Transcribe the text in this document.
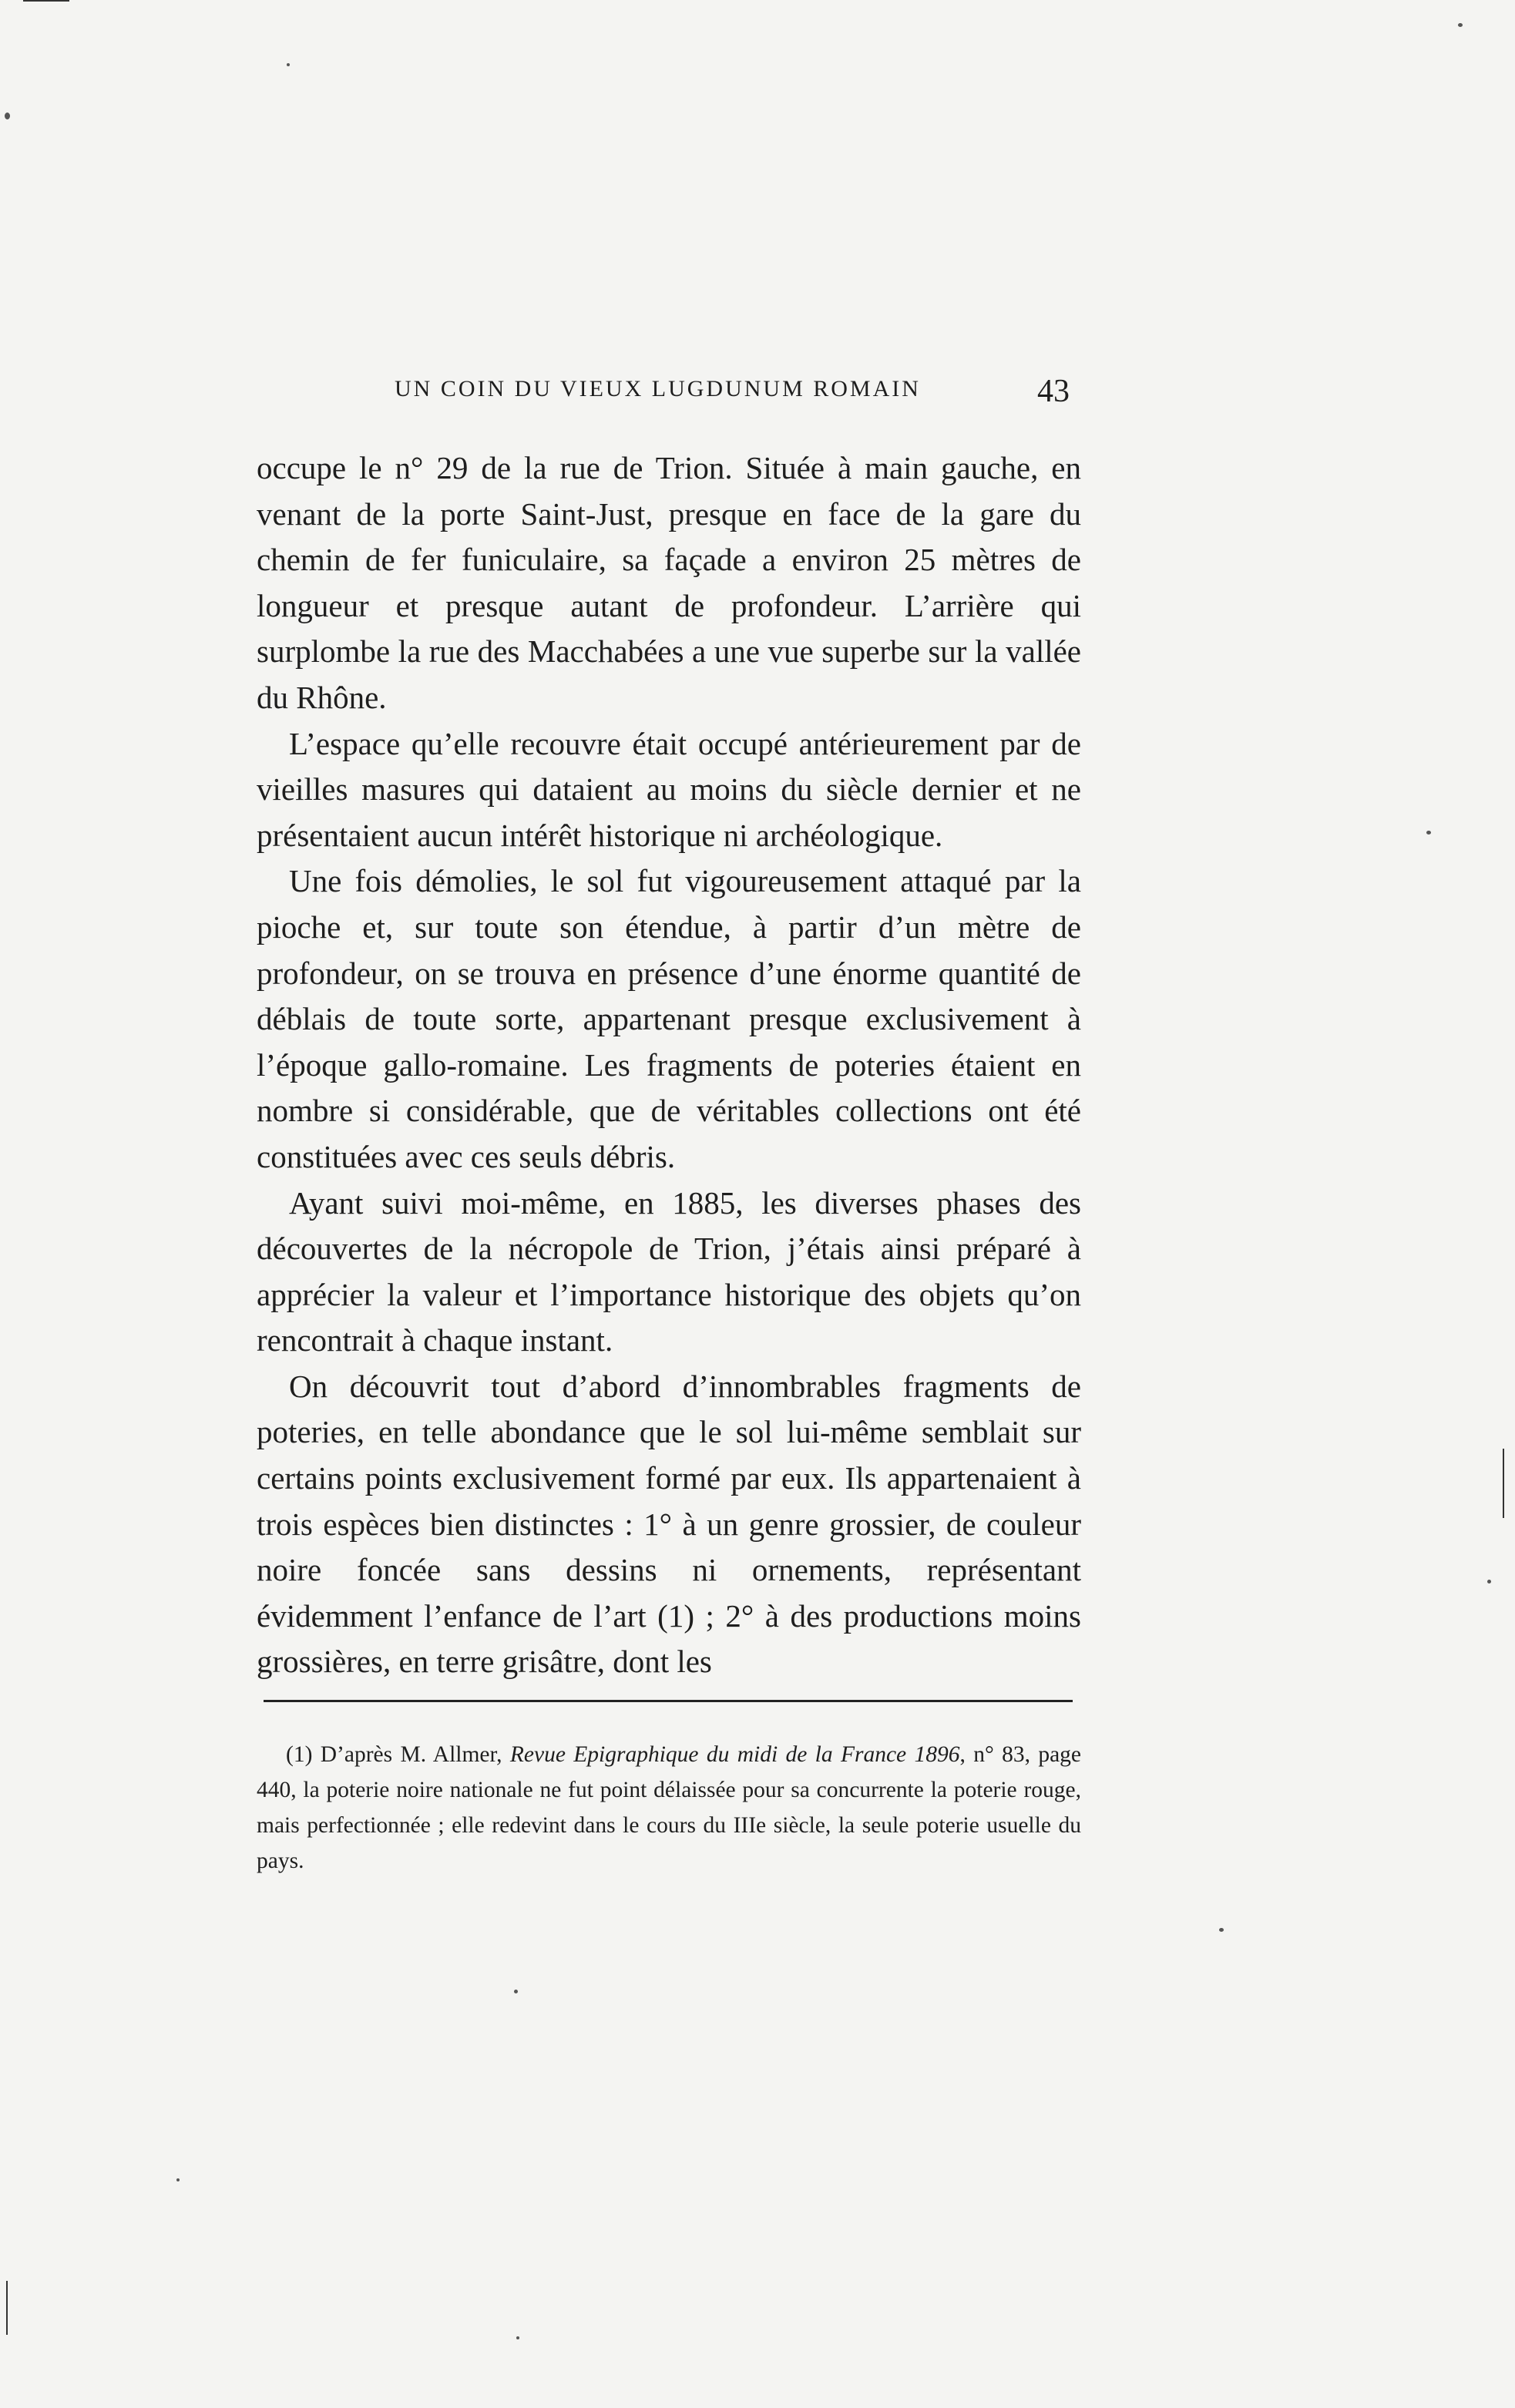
UN COIN DU VIEUX LUGDUNUM ROMAIN	43

occupe le n° 29 de la rue de Trion. Située à main gauche, en venant de la porte Saint-Just, presque en face de la gare du chemin de fer funiculaire, sa façade a environ 25 mètres de longueur et presque autant de profondeur. L’arrière qui surplombe la rue des Macchabées a une vue superbe sur la vallée du Rhône.

L’espace qu’elle recouvre était occupé antérieurement par de vieilles masures qui dataient au moins du siècle dernier et ne présentaient aucun intérêt historique ni archéologique.

Une fois démolies, le sol fut vigoureusement attaqué par la pioche et, sur toute son étendue, à partir d’un mètre de profondeur, on se trouva en présence d’une énorme quantité de déblais de toute sorte, appartenant presque exclusivement à l’époque gallo-romaine. Les fragments de poteries étaient en nombre si considérable, que de véritables collections ont été constituées avec ces seuls débris.

Ayant suivi moi-même, en 1885, les diverses phases des découvertes de la nécropole de Trion, j’étais ainsi préparé à apprécier la valeur et l’importance historique des objets qu’on rencontrait à chaque instant.

On découvrit tout d’abord d’innombrables fragments de poteries, en telle abondance que le sol lui-même semblait sur certains points exclusivement formé par eux. Ils appartenaient à trois espèces bien distinctes : 1° à un genre grossier, de couleur noire foncée sans dessins ni ornements, représentant évidemment l’enfance de l’art (1) ; 2° à des productions moins grossières, en terre grisâtre, dont les

(1) D’après M. Allmer, Revue Epigraphique du midi de la France 1896, n° 83, page 440, la poterie noire nationale ne fut point délaissée pour sa concurrente la poterie rouge, mais perfectionnée ; elle redevint dans le cours du IIIe siècle, la seule poterie usuelle du pays.
